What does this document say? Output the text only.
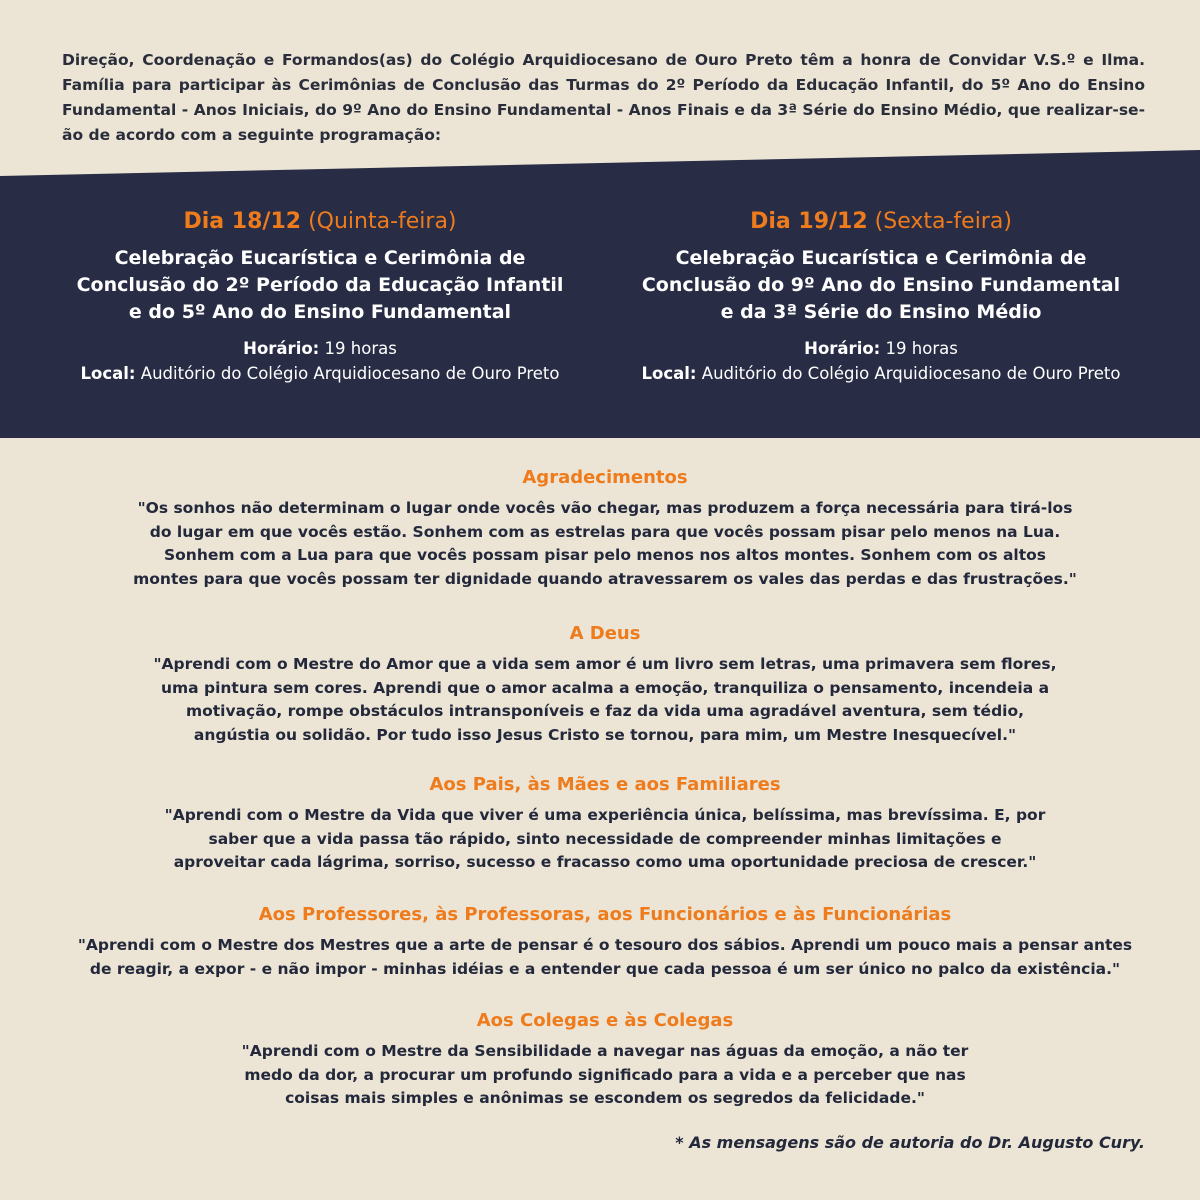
Direção, Coordenação e Formandos(as) do Colégio Arquidiocesano de Ouro Preto têm a honra de Convidar V.S.º e Ilma. Família para participar às Cerimônias de Conclusão das Turmas do 2º Período da Educação Infantil, do 5º Ano do Ensino Fundamental - Anos Iniciais, do 9º Ano do Ensino Fundamental - Anos Finais e da 3ª Série do Ensino Médio, que realizar-se-ão de acordo com a seguinte programação:

Dia 18/12 (Quinta-feira)
Celebração Eucarística e Cerimônia de
Conclusão do 2º Período da Educação Infantil
e do 5º Ano do Ensino Fundamental
Horário: 19 horas
Local: Auditório do Colégio Arquidiocesano de Ouro Preto
Dia 19/12 (Sexta-feira)
Celebração Eucarística e Cerimônia de
Conclusão do 9º Ano do Ensino Fundamental
e da 3ª Série do Ensino Médio
Horário: 19 horas
Local: Auditório do Colégio Arquidiocesano de Ouro Preto
Agradecimentos
"Os sonhos não determinam o lugar onde vocês vão chegar, mas produzem a força necessária para tirá-los
do lugar em que vocês estão. Sonhem com as estrelas para que vocês possam pisar pelo menos na Lua.
Sonhem com a Lua para que vocês possam pisar pelo menos nos altos montes. Sonhem com os altos
montes para que vocês possam ter dignidade quando atravessarem os vales das perdas e das frustrações."
A Deus
"Aprendi com o Mestre do Amor que a vida sem amor é um livro sem letras, uma primavera sem flores,
uma pintura sem cores. Aprendi que o amor acalma a emoção, tranquiliza o pensamento, incendeia a
motivação, rompe obstáculos intransponíveis e faz da vida uma agradável aventura, sem tédio,
angústia ou solidão. Por tudo isso Jesus Cristo se tornou, para mim, um Mestre Inesquecível."
Aos Pais, às Mães e aos Familiares
"Aprendi com o Mestre da Vida que viver é uma experiência única, belíssima, mas brevíssima. E, por
saber que a vida passa tão rápido, sinto necessidade de compreender minhas limitações e
aproveitar cada lágrima, sorriso, sucesso e fracasso como uma oportunidade preciosa de crescer."
Aos Professores, às Professoras, aos Funcionários e às Funcionárias
"Aprendi com o Mestre dos Mestres que a arte de pensar é o tesouro dos sábios. Aprendi um pouco mais a pensar antes
de reagir, a expor - e não impor - minhas idéias e a entender que cada pessoa é um ser único no palco da existência."
Aos Colegas e às Colegas
"Aprendi com o Mestre da Sensibilidade a navegar nas águas da emoção, a não ter
medo da dor, a procurar um profundo significado para a vida e a perceber que nas
coisas mais simples e anônimas se escondem os segredos da felicidade."
* As mensagens são de autoria do Dr. Augusto Cury.
